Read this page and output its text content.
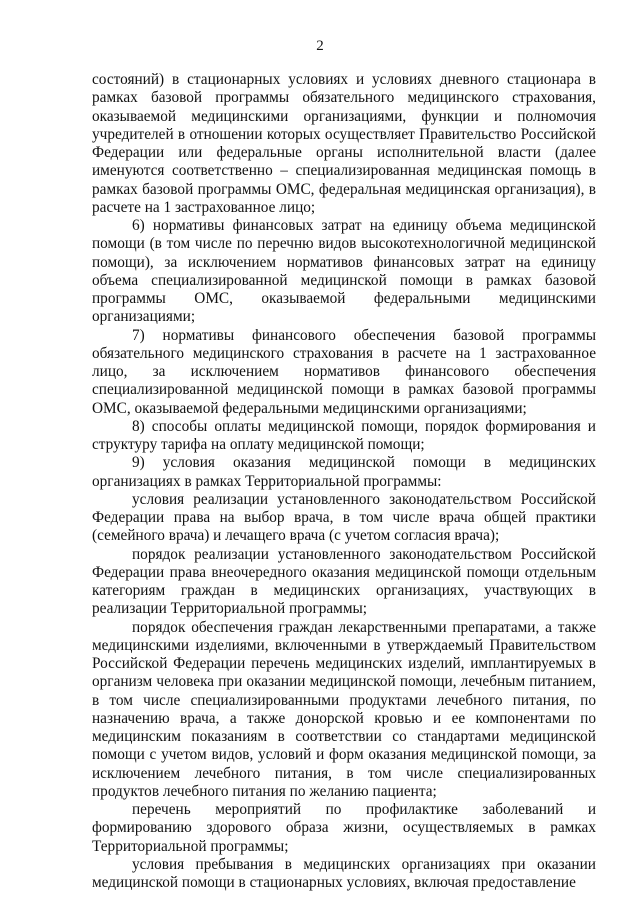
2

состояний) в стационарных условиях и условиях дневного стационара в рамках базовой программы обязательного медицинского страхования, оказываемой медицинскими организациями, функции и полномочия учредителей в отношении которых осуществляет Правительство Российской Федерации или федеральные органы исполнительной власти (далее именуются соответственно – специализированная медицинская помощь в рамках базовой программы ОМС, федеральная медицинская организация), в расчете на 1 застрахованное лицо;

6) нормативы финансовых затрат на единицу объема медицинской помощи (в том числе по перечню видов высокотехнологичной медицинской помощи), за исключением нормативов финансовых затрат на единицу объема специализированной медицинской помощи в рамках базовой программы ОМС, оказываемой федеральными медицинскими организациями;

7) нормативы финансового обеспечения базовой программы обязательного медицинского страхования в расчете на 1 застрахованное лицо, за исключением нормативов финансового обеспечения специализированной медицинской помощи в рамках базовой программы ОМС, оказываемой федеральными медицинскими организациями;

8) способы оплаты медицинской помощи, порядок формирования и структуру тарифа на оплату медицинской помощи;

9) условия оказания медицинской помощи в медицинских организациях в рамках Территориальной программы:

условия реализации установленного законодательством Российской Федерации права на выбор врача, в том числе врача общей практики (семейного врача) и лечащего врача (с учетом согласия врача);

порядок реализации установленного законодательством Российской Федерации права внеочередного оказания медицинской помощи отдельным категориям граждан в медицинских организациях, участвующих в реализации Территориальной программы;

порядок обеспечения граждан лекарственными препаратами, а также медицинскими изделиями, включенными в утверждаемый Правительством Российской Федерации перечень медицинских изделий, имплантируемых в организм человека при оказании медицинской помощи, лечебным питанием, в том числе специализированными продуктами лечебного питания, по назначению врача, а также донорской кровью и ее компонентами по медицинским показаниям в соответствии со стандартами медицинской помощи с учетом видов, условий и форм оказания медицинской помощи, за исключением лечебного питания, в том числе специализированных продуктов лечебного питания по желанию пациента;

перечень мероприятий по профилактике заболеваний и формированию здорового образа жизни, осуществляемых в рамках Территориальной программы;

условия пребывания в медицинских организациях при оказании медицинской помощи в стационарных условиях, включая предоставление
